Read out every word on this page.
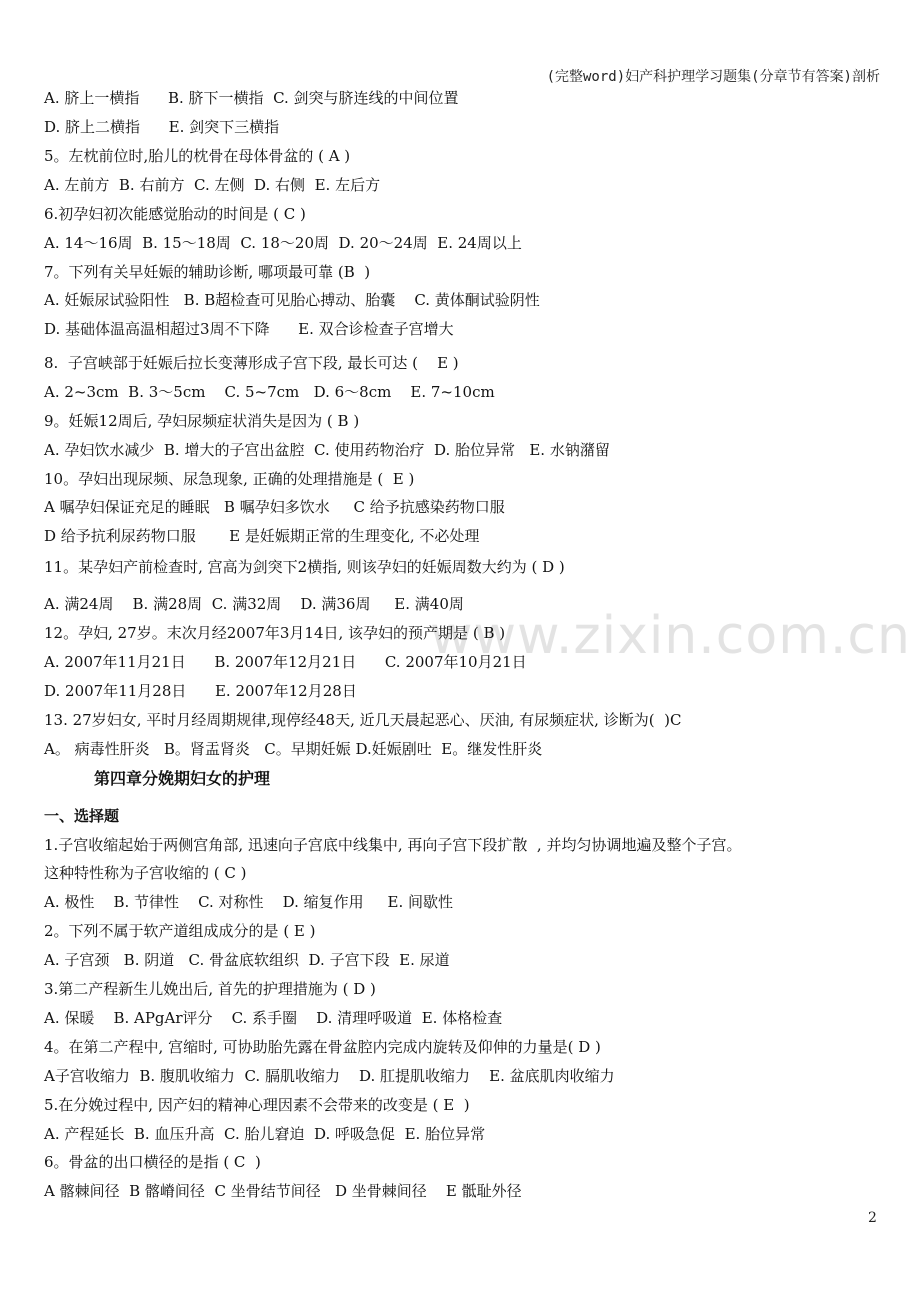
(完整word)妇产科护理学习题集(分章节有答案)剖析
www.zixin.com.cn
A. 脐上一横指      B. 脐下一横指  C. 剑突与脐连线的中间位置
D. 脐上二横指      E. 剑突下三横指
5。左枕前位时,胎儿的枕骨在母体骨盆的 ( A )
A. 左前方  B. 右前方  C. 左侧  D. 右侧  E. 左后方
6.初孕妇初次能感觉胎动的时间是 ( C )
A. 14～16周  B. 15～18周  C. 18～20周  D. 20～24周  E. 24周以上
7。下列有关早妊娠的辅助诊断, 哪项最可靠 (B  )
A. 妊娠尿试验阳性   B. B超检查可见胎心搏动、胎囊    C. 黄体酮试验阴性
D. 基础体温高温相超过3周不下降      E. 双合诊检查子宫增大
8.  子宫峡部于妊娠后拉长变薄形成子宫下段, 最长可达 (    E )
A. 2~3cm  B. 3～5cm    C. 5~7cm   D. 6～8cm    E. 7~10cm
9。妊娠12周后, 孕妇尿频症状消失是因为 ( B )
A. 孕妇饮水减少  B. 增大的子宫出盆腔  C. 使用药物治疗  D. 胎位异常   E. 水钠潴留
10。孕妇出现尿频、尿急现象, 正确的处理措施是 (  E )
A 嘱孕妇保证充足的睡眠   B 嘱孕妇多饮水     C 给予抗感染药物口服
D 给予抗利尿药物口服       E 是妊娠期正常的生理变化, 不必处理
11。某孕妇产前检查时, 宫高为剑突下2横指, 则该孕妇的妊娠周数大约为 ( D )
A. 满24周    B. 满28周  C. 满32周    D. 满36周     E. 满40周
12。孕妇, 27岁。末次月经2007年3月14日, 该孕妇的预产期是 ( B )
A. 2007年11月21日      B. 2007年12月21日      C. 2007年10月21日
D. 2007年11月28日      E. 2007年12月28日
13. 27岁妇女, 平时月经周期规律,现停经48天, 近几天晨起恶心、厌油, 有尿频症状, 诊断为(  )C
A。 病毒性肝炎   B。肾盂肾炎   C。早期妊娠 D.妊娠剧吐  E。继发性肝炎
第四章分娩期妇女的护理
一、选择题
1.子宫收缩起始于两侧宫角部, 迅速向子宫底中线集中, 再向子宫下段扩散  , 并均匀协调地遍及整个子宫。
这种特性称为子宫收缩的 ( C )
A. 极性    B. 节律性    C. 对称性    D. 缩复作用     E. 间歇性
2。下列不属于软产道组成成分的是 ( E )
A. 子宫颈   B. 阴道   C. 骨盆底软组织  D. 子宫下段  E. 尿道
3.第二产程新生儿娩出后, 首先的护理措施为 ( D )
A. 保暖    B. APgAr评分    C. 系手圈    D. 清理呼吸道  E. 体格检查
4。在第二产程中, 宫缩时, 可协助胎先露在骨盆腔内完成内旋转及仰伸的力量是( D )
A子宫收缩力  B. 腹肌收缩力  C. 膈肌收缩力    D. 肛提肌收缩力    E. 盆底肌肉收缩力
5.在分娩过程中, 因产妇的精神心理因素不会带来的改变是 ( E  )
A. 产程延长  B. 血压升高  C. 胎儿窘迫  D. 呼吸急促  E. 胎位异常
6。骨盆的出口横径的是指 ( C  )
A 髂棘间径  B 髂嵴间径  C 坐骨结节间径   D 坐骨棘间径    E 骶耻外径
2
